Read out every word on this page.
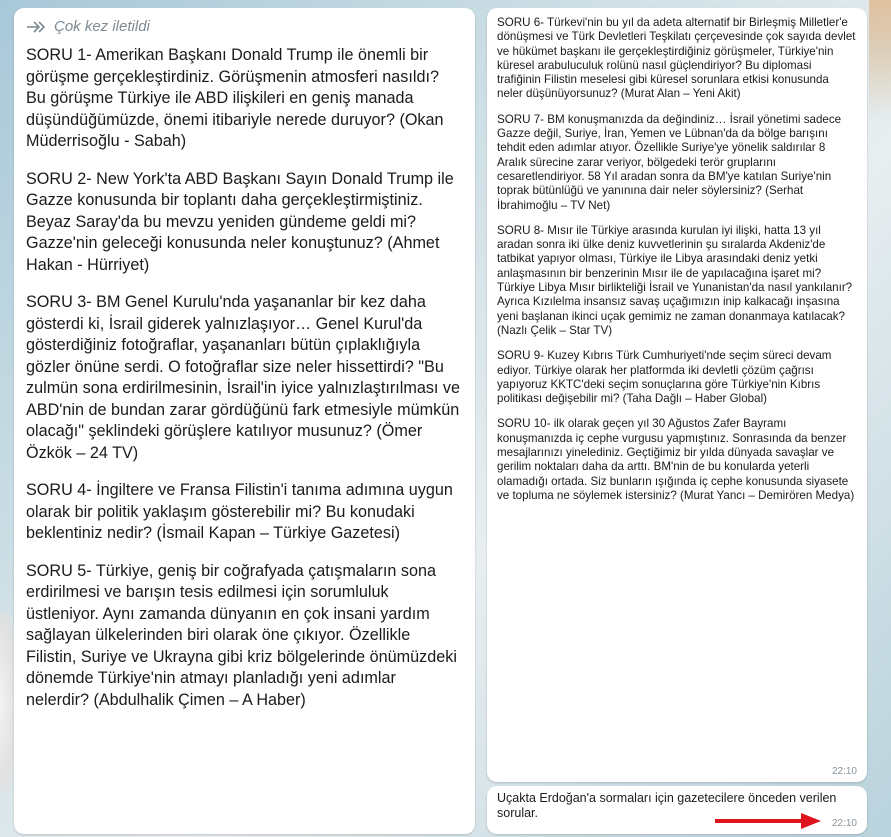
Çok kez iletildi

SORU 1- Amerikan Başkanı Donald Trump ile önemli bir görüşme gerçekleştirdiniz. Görüşmenin atmosferi nasıldı? Bu görüşme Türkiye ile ABD ilişkileri en geniş manada düşündüğümüzde, önemi itibariyle nerede duruyor? (Okan Müderrisoğlu - Sabah)

SORU 2- New York'ta ABD Başkanı Sayın Donald Trump ile Gazze konusunda bir toplantı daha gerçekleştirmiştiniz. Beyaz Saray'da bu mevzu yeniden gündeme geldi mi? Gazze'nin geleceği konusunda neler konuştunuz? (Ahmet Hakan - Hürriyet)

SORU 3- BM Genel Kurulu'nda yaşananlar bir kez daha gösterdi ki, İsrail giderek yalnızlaşıyor… Genel Kurul'da gösterdiğiniz fotoğraflar, yaşananları bütün çıplaklığıyla gözler önüne serdi. O fotoğraflar size neler hissettirdi? "Bu zulmün sona erdirilmesinin, İsrail'in iyice yalnızlaştırılması ve ABD'nin de bundan zarar gördüğünü fark etmesiyle mümkün olacağı" şeklindeki görüşlere katılıyor musunuz? (Ömer Özkök – 24 TV)

SORU 4- İngiltere ve Fransa Filistin'i tanıma adımına uygun olarak bir politik yaklaşım gösterebilir mi? Bu konudaki beklentiniz nedir? (İsmail Kapan – Türkiye Gazetesi)

SORU 5- Türkiye, geniş bir coğrafyada çatışmaların sona erdirilmesi ve barışın tesis edilmesi için sorumluluk üstleniyor. Aynı zamanda dünyanın en çok insani yardım sağlayan ülkelerinden biri olarak öne çıkıyor. Özellikle Filistin, Suriye ve Ukrayna gibi kriz bölgelerinde önümüzdeki dönemde Türkiye'nin atmayı planladığı yeni adımlar nelerdir? (Abdulhalik Çimen – A Haber)

SORU 6- Türkevi'nin bu yıl da adeta alternatif bir Birleşmiş Milletler'e dönüşmesi ve Türk Devletleri Teşkilatı çerçevesinde çok sayıda devlet ve hükümet başkanı ile gerçekleştirdiğiniz görüşmeler, Türkiye'nin küresel arabuluculuk rolünü nasıl güçlendiriyor? Bu diplomasi trafiğinin Filistin meselesi gibi küresel sorunlara etkisi konusunda neler düşünüyorsunuz? (Murat Alan – Yeni Akit)

SORU 7- BM konuşmanızda da değindiniz… İsrail yönetimi sadece Gazze değil, Suriye, İran, Yemen ve Lübnan'da da bölge barışını tehdit eden adımlar atıyor. Özellikle Suriye'ye yönelik saldırılar 8 Aralık sürecine zarar veriyor, bölgedeki terör gruplarını cesaretlendiriyor. 58 Yıl aradan sonra da BM'ye katılan Suriye'nin toprak bütünlüğü ve yanınına dair neler söylersiniz? (Serhat İbrahimoğlu – TV Net)

SORU 8- Mısır ile Türkiye arasında kurulan iyi ilişki, hatta 13 yıl aradan sonra iki ülke deniz kuvvetlerinin şu sıralarda Akdeniz'de tatbikat yapıyor olması, Türkiye ile Libya arasındaki deniz yetki anlaşmasının bir benzerinin Mısır ile de yapılacağına işaret mi? Türkiye Libya Mısır birlikteliği İsrail ve Yunanistan'da nasıl yankılanır? Ayrıca Kızılelma insansız savaş uçağımızın inip kalkacağı inşasına yeni başlanan ikinci uçak gemimiz ne zaman donanmaya katılacak? (Nazlı Çelik – Star TV)

SORU 9- Kuzey Kıbrıs Türk Cumhuriyeti'nde seçim süreci devam ediyor. Türkiye olarak her platformda iki devletli çözüm çağrısı yapıyoruz KKTC'deki seçim sonuçlarına göre Türkiye'nin Kıbrıs politikası değişebilir mi? (Taha Dağlı – Haber Global)

SORU 10- ilk olarak geçen yıl 30 Ağustos Zafer Bayramı konuşmanızda iç cephe vurgusu yapmıştınız. Sonrasında da benzer mesajlarınızı yinelediniz. Geçtiğimiz bir yılda dünyada savaşlar ve gerilim noktaları daha da arttı. BM'nin de bu konularda yeterli olamadığı ortada. Siz bunların ışığında iç cephe konusunda siyasete ve topluma ne söylemek istersiniz? (Murat Yancı – Demirören Medya)

22:10
Uçakta Erdoğan'a sormaları için gazetecilere önceden verilen sorular.
22:10
